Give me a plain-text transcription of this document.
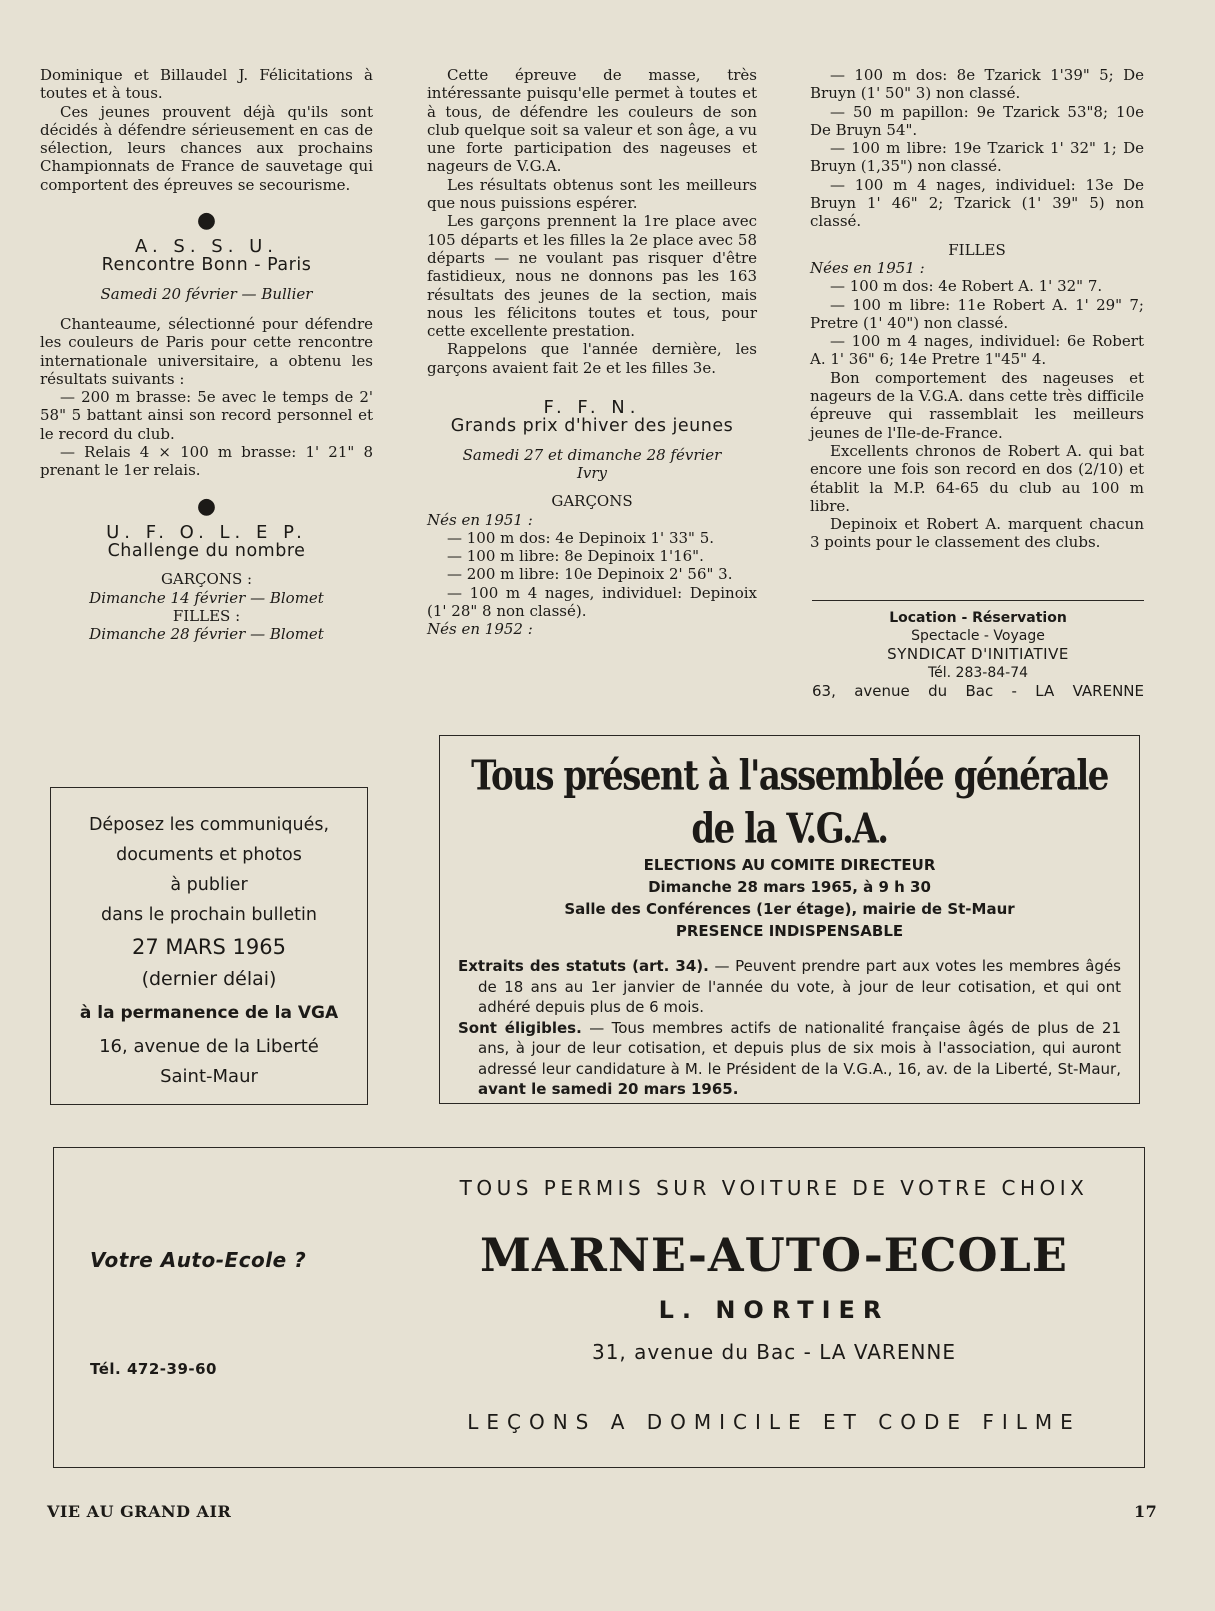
Dominique et Billaudel J. Félicitations à toutes et à tous.

Ces jeunes prouvent déjà qu'ils sont décidés à défendre sérieusement en cas de sélection, leurs chances aux prochains Championnats de France de sauvetage qui comportent des épreuves se secourisme.

●
A. S. S. U.
Rencontre Bonn - Paris
Samedi 20 février — Bullier

Chanteaume, sélectionné pour défendre les couleurs de Paris pour cette rencontre internationale universitaire, a obtenu les résultats suivants :

— 200 m brasse: 5e avec le temps de 2' 58" 5 battant ainsi son record personnel et le record du club.

— Relais 4 × 100 m brasse: 1' 21" 8 prenant le 1er relais.

●
U. F. O. L. E P.
Challenge du nombre
GARÇONS :
Dimanche 14 février — Blomet
FILLES :
Dimanche 28 février — Blomet
Déposez les communiqués,
documents et photos
à publier
dans le prochain bulletin
27 MARS 1965
(dernier délai)
à la permanence de la VGA
16, avenue de la Liberté
Saint-Maur

Cette épreuve de masse, très intéressante puisqu'elle permet à toutes et à tous, de défendre les couleurs de son club quelque soit sa valeur et son âge, a vu une forte participation des nageuses et nageurs de V.G.A.

Les résultats obtenus sont les meilleurs que nous puissions espérer.

Les garçons prennent la 1re place avec 105 départs et les filles la 2e place avec 58 départs — ne voulant pas risquer d'être fastidieux, nous ne donnons pas les 163 résultats des jeunes de la section, mais nous les félicitons toutes et tous, pour cette excellente prestation.

Rappelons que l'année dernière, les garçons avaient fait 2e et les filles 3e.

F. F. N.
Grands prix d'hiver des jeunes
Samedi 27 et dimanche 28 février
Ivry
GARÇONS

Nés en 1951 :

— 100 m dos: 4e Depinoix 1' 33" 5.

— 100 m libre: 8e Depinoix 1'16".

— 200 m libre: 10e Depinoix 2' 56" 3.

— 100 m 4 nages, individuel: Depinoix (1' 28" 8 non classé).

Nés en 1952 :

— 100 m dos: 8e Tzarick 1'39" 5; De Bruyn (1' 50" 3) non classé.

— 50 m papillon: 9e Tzarick 53"8; 10e De Bruyn 54".

— 100 m libre: 19e Tzarick 1' 32" 1; De Bruyn (1,35") non classé.

— 100 m 4 nages, individuel: 13e De Bruyn 1' 46" 2; Tzarick (1' 39" 5) non classé.

FILLES

Nées en 1951 :

— 100 m dos: 4e Robert A. 1' 32" 7.

— 100 m libre: 11e Robert A. 1' 29" 7; Pretre (1' 40") non classé.

— 100 m 4 nages, individuel: 6e Robert A. 1' 36" 6; 14e Pretre 1"45" 4.

Bon comportement des nageuses et nageurs de la V.G.A. dans cette très difficile épreuve qui rassemblait les meilleurs jeunes de l'Ile-de-France.

Excellents chronos de Robert A. qui bat encore une fois son record en dos (2/10) et établit la M.P. 64-65 du club au 100 m libre.

Depinoix et Robert A. marquent chacun 3 points pour le classement des clubs.

Location - Réservation
Spectacle - Voyage
SYNDICAT D'INITIATIVE
Tél. 283-84-74
63, avenue du Bac - LA VARENNE
Tous présent à l'assemblée générale de la V.G.A.

ELECTIONS AU COMITE DIRECTEUR

Dimanche 28 mars 1965, à 9 h 30

Salle des Conférences (1er étage), mairie de St-Maur

PRESENCE INDISPENSABLE

Extraits des statuts (art. 34). — Peuvent prendre part aux votes les membres âgés de 18 ans au 1er janvier de l'année du vote, à jour de leur cotisation, et qui ont adhéré depuis plus de 6 mois.

Sont éligibles. — Tous membres actifs de nationalité française âgés de plus de 21 ans, à jour de leur cotisation, et depuis plus de six mois à l'association, qui auront adressé leur candidature à M. le Président de la V.G.A., 16, av. de la Liberté, St-Maur, avant le samedi 20 mars 1965.

Votre Auto-Ecole ?
Tél. 472-39-60
TOUS PERMIS SUR VOITURE DE VOTRE CHOIX
MARNE-AUTO-ECOLE
L. NORTIER
31, avenue du Bac - LA VARENNE
LEÇONS A DOMICILE ET CODE FILME
VIE AU GRAND AIR	17
